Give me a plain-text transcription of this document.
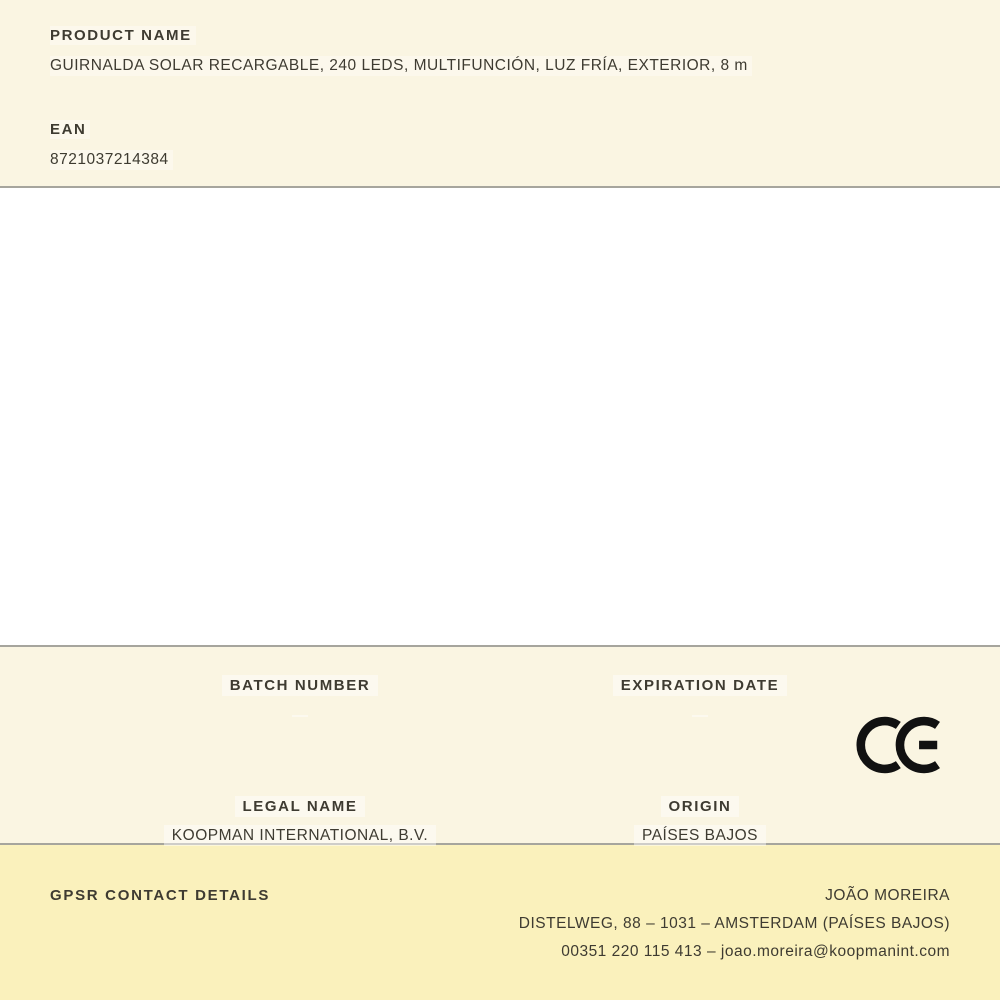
PRODUCT NAME
GUIRNALDA SOLAR RECARGABLE, 240 LEDS, MULTIFUNCIÓN, LUZ FRÍA, EXTERIOR, 8 m
EAN
8721037214384
BATCH NUMBER	EXPIRATION DATE
LEGAL NAME
KOOPMAN INTERNATIONAL, B.V.
ORIGIN
PAÍSES BAJOS
GPSR CONTACT DETAILS	JOÃO MOREIRA
DISTELWEG, 88 – 1031 – AMSTERDAM (PAÍSES BAJOS)
00351 220 115 413 – joao.moreira@koopmanint.com
